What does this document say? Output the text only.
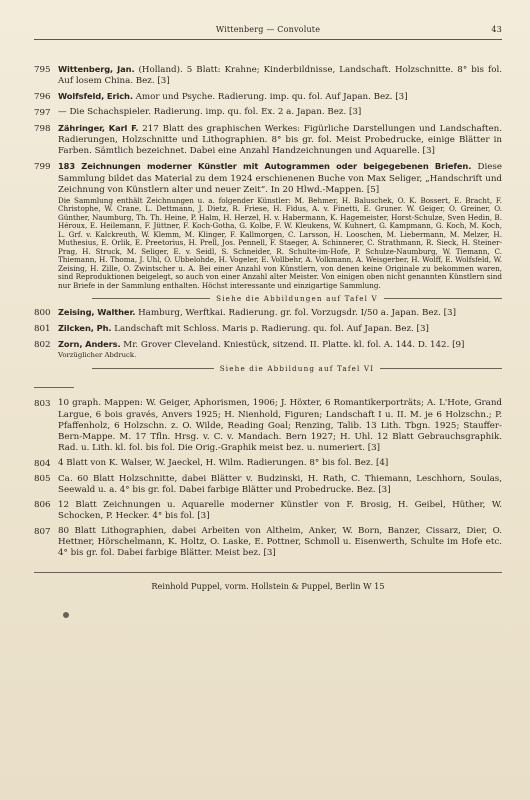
Wittenberg — Convolute	43
795 Wittenberg, Jan. (Holland). 5 Blatt: Krahne; Kinderbildnisse, Landschaft. Holzschnitte. 8° bis fol. Auf losem China. Bez. [3]
796 Wolfsfeld, Erich. Amor und Psyche. Radierung. imp. qu. fol. Auf Japan. Bez. [3]
797 — Die Schachspieler. Radierung. imp. qu. fol. Ex. 2 a. Japan. Bez. [3]
798 Zähringer, Karl F. 217 Blatt des graphischen Werkes: Figürliche Darstellungen und Landschaften. Radierungen, Holzschnitte und Lithographien. 8° bis gr. fol. Meist Probedrucke, einige Blätter in Farben. Sämtlich bezeichnet. Dabei eine Anzahl Handzeichnungen und Aquarelle. [3]
799 183 Zeichnungen moderner Künstler mit Autogrammen oder beigegebenen Briefen. Diese Sammlung bildet das Material zu dem 1924 erschienenen Buche von Max Seliger, „Handschrift und Zeichnung von Künstlern alter und neuer Zeit“. In 20 Hlwd.-Mappen. [5]
Die Sammlung enthält Zeichnungen u. a. folgender Künstler: M. Behmer, H. Baluschek, O. K. Bossert, E. Bracht, F. Christophe, W. Crane, L. Dettmann, J. Dietz, R. Friese, H. Fidus, A. v. Finetti, E. Gruner. W. Geiger, O. Greiner, O. Günther, Naumburg, Th. Th. Heine, P. Halm, H. Herzel, H. v. Habermann, K. Hagemeister, Horst-Schulze, Sven Hedin, B. Héroux, E. Heilemann, F. Jüttner, F. Koch-Gotha, G. Kolbe, F. W. Kleukens, W. Kuhnert, G. Kampmann, G. Koch, M. Koch, L. Grf. v. Kalckreuth, W. Klemm, M. Klinger, F. Kallmorgen, C. Larsson, H. Looschen, M. Liebermann, M. Melzer, H. Muthesius, E. Orlik, E. Preetorius, H. Prell, Jos. Pennell, F. Staeger, A. Schinnerer, C. Strathmann, R. Sieck, H. Steiner-Prag, H. Struck, M. Seliger, E. v. Seidl, S. Schneider, R. Schulte-im-Hofe, P. Schulze-Naumburg, W. Tiemann, C. Thiemann, H. Thoma, J. Uhl, O. Ubbelohde, H. Vogeler, E. Vollbehr, A. Volkmann, A. Weisgerber, H. Wolff, E. Wolfsfeld, W. Zeising, H. Zille, O. Zwintscher u. A. Bei einer Anzahl von Künstlern, von denen keine Originale zu bekommen waren, sind Reproduktionen beigelegt, so auch von einer Anzahl alter Meister. Von einigen oben nicht genannten Künstlern sind nur Briefe in der Sammlung enthalten. Höchst interessante und einzigartige Sammlung.
Siehe die Abbildungen auf Tafel V
800 Zeising, Walther. Hamburg, Werftkai. Radierung. gr. fol. Vorzugsdr. I/50 a. Japan. Bez. [3]
801 Zilcken, Ph. Landschaft mit Schloss. Maris p. Radierung. qu. fol. Auf Japan. Bez. [3]
802 Zorn, Anders. Mr. Grover Cleveland. Kniestück, sitzend. II. Platte. kl. fol. A. 144. D. 142. [9]
Vorzüglicher Abdruck.
Siehe die Abbildung auf Tafel VI
803 10 graph. Mappen: W. Geiger, Aphorismen, 1906; J. Höxter, 6 Romantikerporträts; A. L'Hote, Grand Largue, 6 bois gravés, Anvers 1925; H. Nienhold, Figuren; Landschaft I u. II. M. je 6 Holzschn.; P. Pfaffenholz, 6 Holzschn. z. O. Wilde, Reading Goal; Renzing, Talib. 13 Lith. Tbgn. 1925; Stauffer-Bern-Mappe. M. 17 Tfln. Hrsg. v. C. v. Mandach. Bern 1927; H. Uhl. 12 Blatt Gebrauchsgraphik. Rad. u. Lith. kl. fol. bis fol. Die Orig.-Graphik meist bez. u. numeriert. [3]
804 4 Blatt von K. Walser, W. Jaeckel, H. Wilm. Radierungen. 8° bis fol. Bez. [4]
805 Ca. 60 Blatt Holzschnitte, dabei Blätter v. Budzinski, H. Rath, C. Thiemann, Leschhorn, Soulas, Seewald u. a. 4° bis gr. fol. Dabei farbige Blätter und Probedrucke. Bez. [3]
806 12 Blatt Zeichnungen u. Aquarelle moderner Künstler von F. Brosig, H. Geibel, Hüther, W. Schocken, P. Hecker. 4° bis fol. [3]
807 80 Blatt Lithographien, dabei Arbeiten von Altheim, Anker, W. Born, Banzer, Cissarz, Dier, O. Hettner, Hörschelmann, K. Holtz, O. Laske, E. Pottner, Schmoll u. Eisenwerth, Schulte im Hofe etc. 4° bis gr. fol. Dabei farbige Blätter. Meist bez. [3]
Reinhold Puppel, vorm. Hollstein & Puppel, Berlin W 15
